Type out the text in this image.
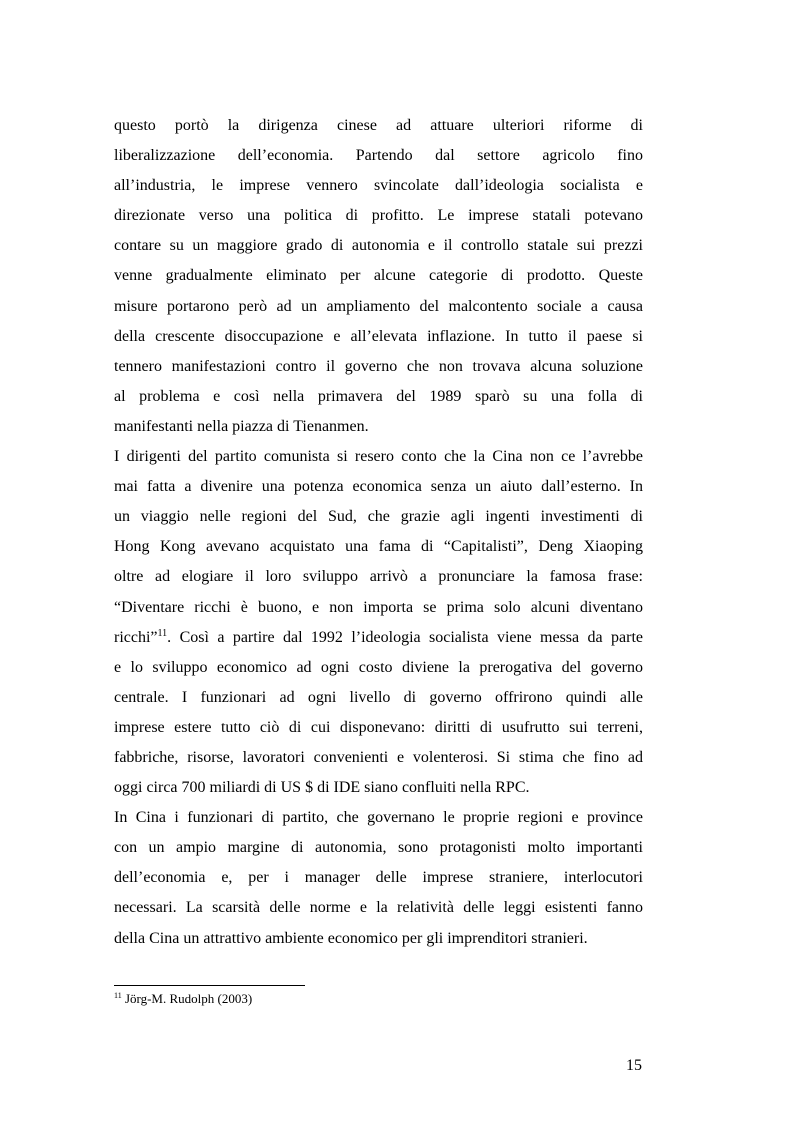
questo portò la dirigenza cinese ad attuare ulteriori riforme di
liberalizzazione dell’economia. Partendo dal settore agricolo fino
all’industria, le imprese vennero svincolate dall’ideologia socialista e
direzionate verso una politica di profitto. Le imprese statali potevano
contare su un maggiore grado di autonomia e il controllo statale sui prezzi
venne gradualmente eliminato per alcune categorie di prodotto. Queste
misure portarono però ad un ampliamento del malcontento sociale a causa
della crescente disoccupazione e all’elevata inflazione. In tutto il paese si
tennero manifestazioni contro il governo che non trovava alcuna soluzione
al problema e così nella primavera del 1989 sparò su una folla di
manifestanti nella piazza di Tienanmen.
I dirigenti del partito comunista si resero conto che la Cina non ce l’avrebbe
mai fatta a divenire una potenza economica senza un aiuto dall’esterno. In
un viaggio nelle regioni del Sud, che grazie agli ingenti investimenti di
Hong Kong avevano acquistato una fama di “Capitalisti”, Deng Xiaoping
oltre ad elogiare il loro sviluppo arrivò a pronunciare la famosa frase:
“Diventare ricchi è buono, e non importa se prima solo alcuni diventano
ricchi”$^{11}$. Così a partire dal 1992 l’ideologia socialista viene messa da parte
e lo sviluppo economico ad ogni costo diviene la prerogativa del governo
centrale. I funzionari ad ogni livello di governo offrirono quindi alle
imprese estere tutto ciò di cui disponevano: diritti di usufrutto sui terreni,
fabbriche, risorse, lavoratori convenienti e volenterosi. Si stima che fino ad
oggi circa 700 miliardi di US $ di IDE siano confluiti nella RPC.
In Cina i funzionari di partito, che governano le proprie regioni e province
con un ampio margine di autonomia, sono protagonisti molto importanti
dell’economia e, per i manager delle imprese straniere, interlocutori
necessari. La scarsità delle norme e la relatività delle leggi esistenti fanno
della Cina un attrattivo ambiente economico per gli imprenditori stranieri.
$^{11}$ Jörg-M. Rudolph (2003)
15
